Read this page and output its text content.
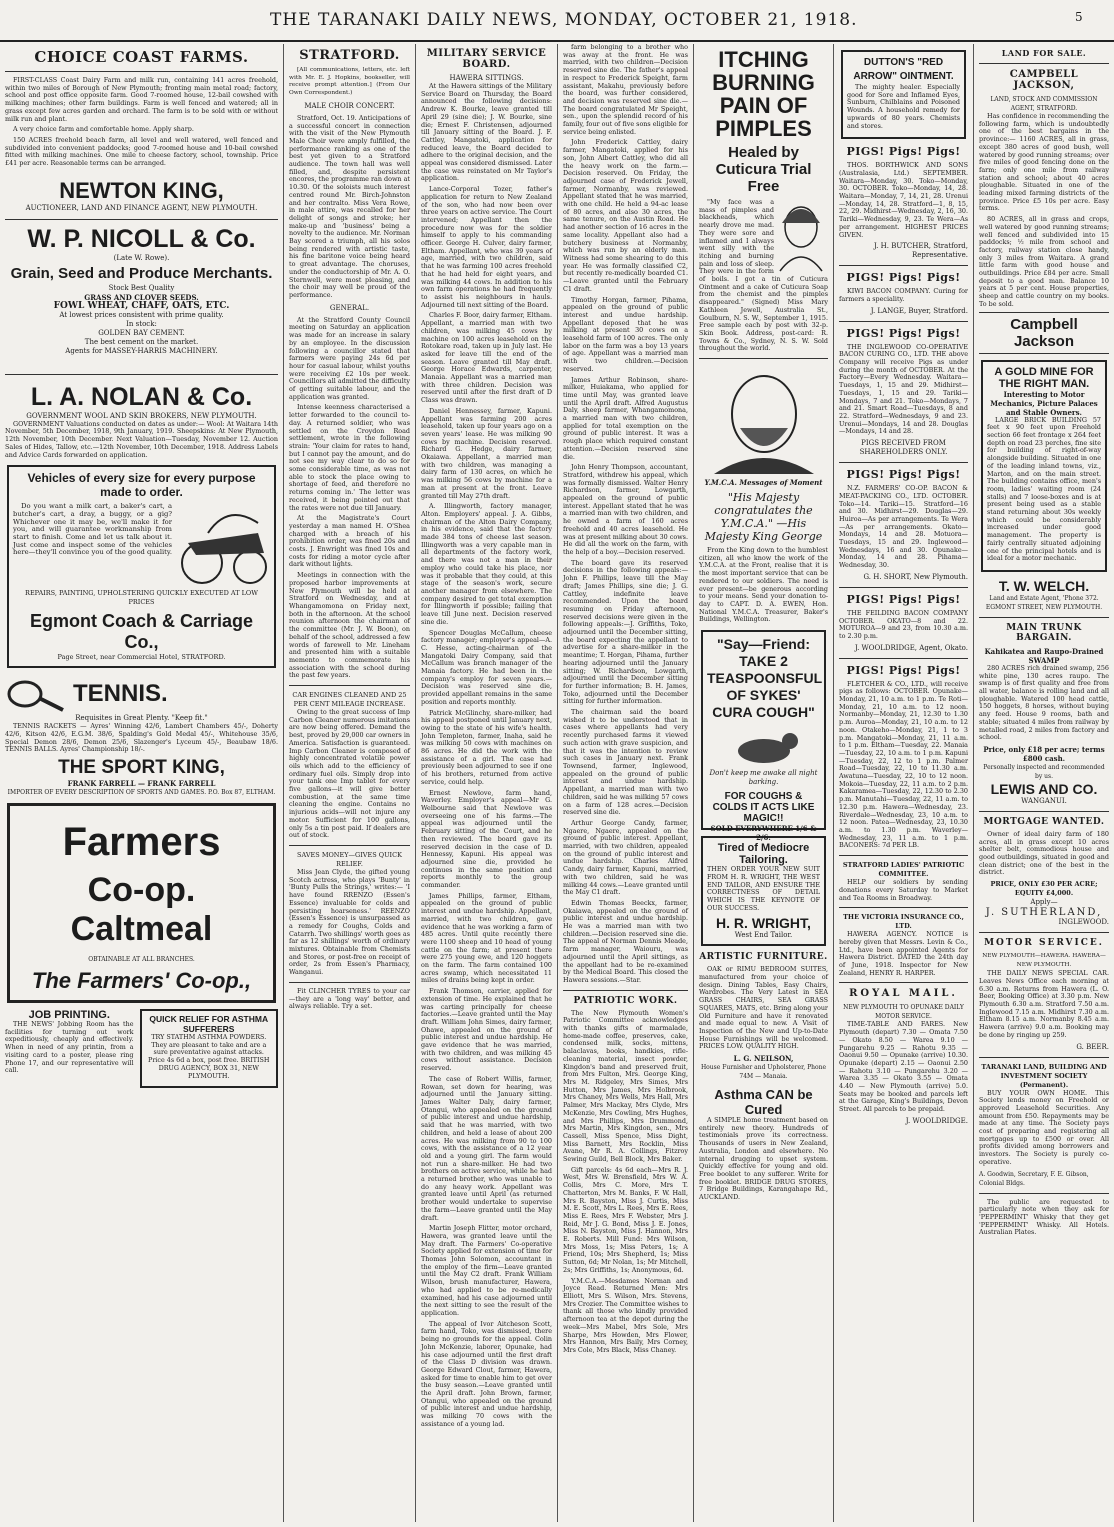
THE TARANAKI DAILY NEWS, MONDAY, OCTOBER 21, 1918.	5
CHOICE COAST FARMS.

FIRST-CLASS Coast Dairy Farm and milk run, containing 141 acres freehold, within two miles of Borough of New Plymouth; fronting main metal road; factory, school and post office opposite farm. Good 7-roomed house, 12-bail cowshed with milking machines; other farm buildings. Farm is well fenced and watered; all in grass except few acres garden and orchard. The farm is to be sold with or without milk run and plant.

A very choice farm and comfortable home. Apply sharp.

150 ACRES freehold beach farm, all level and well watered, well fenced and subdivided into convenient paddocks; good 7-roomed house and 10-bail cowshed fitted with milking machines. One mile to cheese factory, school, township. Price £41 per acre. Reasonable terms can be arranged.

NEWTON KING,
AUCTIONEER, LAND AND FINANCE AGENT, NEW PLYMOUTH.
W. P. NICOLL & Co.
(Late W. Rowe).
Grain, Seed and Produce Merchants.
Stock Best Quality
GRASS AND CLOVER SEEDS.
FOWL WHEAT, CHAFF, OATS, ETC.
At lowest prices consistent with prime quality.
In stock:
GOLDEN BAY CEMENT.
The best cement on the market.
Agents for MASSEY-HARRIS MACHINERY.
L. A. NOLAN & Co.
GOVERNMENT WOOL AND SKIN BROKERS, NEW PLYMOUTH.

GOVERNMENT Valuations conducted on dates as under:— Wool: At Waitara 14th November, 5th December, 1918, 9th January, 1919. Sheepskins: At New Plymouth, 12th November, 10th December. Next Valuation—Tuesday, November 12. Auction Sales of Hides, Tallow, etc.—12th November, 10th December, 1918. Address Labels and Advice Cards forwarded on application.

Vehicles of every size for every purpose made to order.

Do you want a milk cart, a baker's cart, a butcher's cart, a dray, a buggy, or a gig? Whichever one it may be, we'll make it for you, and will guarantee workmanship from start to finish. Come and let us talk about it. Just come and inspect some of the vehicles here—they'll convince you of the good quality.

REPAIRS, PAINTING, UPHOLSTERING QUICKLY EXECUTED AT LOW PRICES
Egmont Coach & Carriage Co.,
Page Street, near Commercial Hotel, STRATFORD.
TENNIS.
Requisites in Great Plenty. "Keep fit."

TENNIS RACKETS — Ayres' Winning 42/6, Lambert Chambers 45/-, Doherty 42/6, Kitson 42/6, E.G.M. 38/6, Spalding's Gold Medal 45/-, Whitehouse 35/6, Special Demon 28/6, Demon 25/6, Slazenger's Lyceum 45/-, Beaubaw 18/6. TENNIS BALLS. Ayres' Championship 18/-.

THE SPORT KING,
FRANK FARRELL — FRANK FARRELL
IMPORTER OF EVERY DESCRIPTION OF SPORTS AND GAMES. P.O. Box 87, ELTHAM.
Farmers
Co-op. Caltmeal
OBTAINABLE AT ALL BRANCHES.
The Farmers' Co-op.,
JOB PRINTING.

THE NEWS' Jobbing Room has the facilities for turning out work expeditiously, cheaply and effectively. When in need of any printin, from a visiting card to a poster, please ring Phone 17, and our representative will call.

QUICK RELIEF FOR ASTHMA SUFFERERS

TRY STATHM ASTHMA POWDERS. They are pleasant to take and are a sure preventative against attacks. Price 4s 6d a box, post free. BRITISH DRUG AGENCY, BOX 31, NEW PLYMOUTH.

STRATFORD.

[All communications, letters, etc. left with Mr. E. J. Hopkins, bookseller, will receive prompt attention.] (From Our Own Correspondent.)

MALE CHOIR CONCERT.

Stratford, Oct. 19. Anticipations of a successful concert in connection with the visit of the New Plymouth Male Choir were amply fulfilled, the performance ranking as one of the best yet given to a Stratford audience. The town hall was well filled, and, despite persistent encores, the programme ran down at 10.30. Of the soloists much interest centred round Mr. Birch-Johnston and her contralto. Miss Vera Rowe, in male attire, was recalled for her delight of songs and stroke; her make-up and 'business' being a novelty to the audience. Mr. Norman Bay scored a triumph, all his solos being rendered with artistic taste, his fine baritone voice being heard to great advantage. The choruses, under the conductorship of Mr. A. O. Sternwell, were most pleasing, and the choir may well be proud of the performance.

GENERAL.

At the Stratford County Council meeting on Saturday an application was made for an increase in salary by an employee. In the discussion following a councillor stated that farmers were paying 24s 6d per hour for casual labour, whilst youths were receiving £2 10s per week. Councillors all admitted the difficulty of getting suitable labour, and the application was granted.

Intense keenness characterised a letter forwarded to the council to-day. A returned soldier, who was settled on the Croydon Road settlement, wrote in the following strain: 'Your claim for rates to hand, but I cannot pay the amount, and do not see my way clear to do so for some considerable time, as was not able to stock the place owing to shortage of feed, and therefore no returns coming in.' The letter was received, it being pointed out that the rates were not due till January.

At the Magistrate's Court yesterday a man named H. O'Shea charged with a breach of his prohibition order, was fined 20s and costs. J. Enwright was fined 10s and costs for riding a motor cycle after dark without lights.

Meetings in connection with the proposed harbor improvements at New Plymouth will be held at Stratford on Wednesday, and at Whangamomona on Friday next, both in the afternoon. At the school reunion afternoon the chairman of the committee (Mr. J. W. Boon), on behalf of the school, addressed a few words of farewell to Mr. Lineham and presented him with a suitable memento to commemorate his association with the school during the past few years.

CAR ENGINES CLEANED AND 25 PER CENT MILEAGE INCREASE.

Owing to the great success of Imp Carbon Cleaner numerous imitations are now being offered. Demand the best, proved by 29,000 car owners in America. Satisfaction is guaranteed. Imp Carbon Cleaner is composed of highly concentrated volatile power oils which add to the efficiency of ordinary fuel oils. Simply drop into your tank one Imp tablet for every five gallons—it will give better combustion, at the same time cleaning the engine. Contains no injurious acids—will not injure any motor. Sufficient for 100 gallons, only 5s a tin post paid. If dealers are out of stock.

SAVES MONEY—GIVES QUICK RELIEF.

Miss Jean Clyde, the gifted young Scotch actress, who plays 'Bunty' in 'Bunty Pulls the Strings,' writes:— 'I have found RRENZO (Essen's Essence) invaluable for colds and persisting hoarseness.' REENZO (Essen's Essence) is unsurpassed as a remedy for Coughs, Colds and Catarrh. Two shillings' worth goes as far as 12 shillings' worth of ordinary mixtures. Obtainable from Chemists and Stores, or post-free on receipt of order, 2s from Essen's Pharmacy, Wanganui.

Fit CLINCHER TYRES to your car—they are a 'long way' better, and always reliable. Try a set.

MILITARY SERVICE BOARD.
HAWERA SITTINGS.

At the Hawera sittings of the Military Service Board on Thursday, the Board announced the following decisions: Andrew K. Bourke, leave granted till April 29 (sine die); J. W. Bourke, sine die; Ernest F. Christensen, adjourned till January sitting of the Board. J. F. Cattley, Mangatoki, application for reduced leave, the Board decided to adhere to the original decision, and the appeal was considered dismissed. Later the case was reinstated on Mr Taylor's application.

Lance-Corporal Tozer, father's application for return to New Zealand of the son, who had now been over three years on active service. The Court intervened; Appellant then the procedure now was for the soldier himself to apply to his commanding officer. George H. Culver, dairy farmer, Eltham. Appellant, who was 39 years of age, married, with two children, said that he was farming 100 acres freehold that he had held for eight years, and was milking 44 cows. In addition to his own farm operations he had frequently to assist his neighbours in hauls. Adjourned till next sitting of the Board.

Charles F. Boor, dairy farmer, Eltham. Appellant, a married man with two children, was milking 45 cows by machine on 100 acres leasehold on the Rotokare road, taken up in July last. He asked for leave till the end of the season. Leave granted till May draft. George Horace Edwards, carpenter, Manaia. Appellant was a married man with three children. Decision was reserved until after the first draft of D Class was drawn.

Daniel Hennessey, farmer, Kapuni. Appellant was farming 200 acres leasehold, taken up four years ago on a seven years' lease. He was milking 90 cows by machine. Decision reserved. Richard G. Hedge, dairy farmer, Okaiawa. Appellant, a married man with two children, was managing a dairy farm of 130 acres, on which he was milking 56 cows by machine for a man at present at the front. Leave granted till May 27th draft.

A. Illingworth, factory manager, Alton. Employers' appeal. J. A. Gibbs, chairman of the Alton Dairy Company, in his evidence, said that the factory made 384 tons of cheese last season. Illingworth was a very capable man in all departments of the factory work, and there was not a man in their employ who could take his place, nor was it probable that they could, at this stage of the season's work, secure another manager from elsewhere. The company desired to get total exemption for Illingworth if possible; failing that leave till June next. Decision reserved sine die.

Spencer Douglas McCallum, cheese factory manager; employer's appeal—A. C. Hesse, acting-chairman of the Mangatoki Dairy Company, said that McCallum was branch manager of the Manaia factory. He had been in the company's employ for seven years.—Decision was reserved sine die, provided appellant remains in the same position and reports monthly.

Patrick McGlinchy, share-milker, had his appeal postponed until January next, owing to the state of his wife's health. John Templeton, farmer, Inaha, said he was milking 50 cows with machines on 86 acres. He did the work with the assistance of a girl. The case had previously been adjourned to see if one of his brothers, returned from active service, could help.

Ernest Newlove, farm hand, Waverley. Employer's appeal—Mr G. Welbourne said that Newlove was overseeing one of his farms.—The appeal was adjourned until the February sitting of the Court, and he then reviewed. The board gave its reserved decision in the case of D. Hennessy, Kapuni. His appeal was adjourned sine die, provided he continues in the same position and reports monthly to the group commander.

James Phillips, farmer, Eltham, appealed on the ground of public interest and undue hardship. Appellant, married, with two children, gave evidence that he was working a farm of 485 acres. Until quite recently there were 1100 sheep and 10 head of young cattle on the farm; at present there were 275 young ewe, and 120 hoggets on the farm. The farm contained 100 acres swamp, which necessitated 11 miles of drains being kept in order.

Frank Thomson, carrier, applied for extension of time. He explained that he was carting principally for cheese factories.—Leave granted until the May draft. William John Simes, dairy farmer, Ohawe, appealed on the ground of public interest and undue hardship. He gave evidence that he was married, with two children, and was milking 45 cows without assistance. Decision reserved.

The case of Robert Willis, farmer, Rowan, set down for hearing, was adjourned until the January sitting. James Walter Daly, dairy farmer, Otangui, who appealed on the ground of public interest and undue hardship, said that he was married, with two children, and held a lease of about 200 acres. He was milking from 90 to 100 cows, with the assistance of a 12 year old and a young girl. The farm would not run a share-milker. He had two brothers on active service, while he had a returned brother, who was unable to do any heavy work. Appellant was granted leave until April (as returned brother would undertake to supervise the farm—Leave granted until the May draft.

Martin Joseph Flitter, motor orchard, Hawera, was granted leave until the May draft. The Farmers' Co-operative Society applied for extension of time for Thomas John Solomon, accountant in the employ of the firm—Leave granted until the May C2 draft. Frank William Wilson, brush manufacturer, Hawera, who had applied to be re-medically examined, had his case adjourned until the next sitting to see the result of the application.

The appeal of Ivor Aitcheson Scott, farm hand, Toko, was dismissed, there being no grounds for the appeal. Colin John McKenzie, laborer, Opunake, had his case adjourned until the first draft of the Class D division was drawn. George Edward Clout, farmer, Hawera, asked for time to enable him to get over the busy season.—Leave granted until the April draft. John Brown, farmer, Otangui, who appealed on the ground of public interest and undue hardship, was milking 70 cows with the assistance of a young lad.

farm belonging to a brother who was away at the front. He was married, with two children—Decision reserved sine die. The father's appeal in respect to Frederick Speight, farm assistant, Makahu, previously before the board, was further considered, and decision was reserved sine die.—The board congratulated Mr Speight, sen., upon the splendid record of his family, four out of five sons eligible for service being enlisted.

John Frederick Cattley, dairy farmer, Mangatoki, applied for his son, John Albert Cattley, who did all the heavy work on the farm.—Decision reserved. On Friday, the adjourned case of Frederick Jewell, farmer, Normanby, was reviewed. Appellant stated that he was married, with one child. He held a 94-ac lease of 80 acres, and also 30 acres, the same tenure, on the Austin Road. He had another section of 16 acres in the same locality. Appellant also had a butchery business at Normanby, which was run by an elderly man. Witness had some shearing to do this year. He was formally classified C2, but recently re-medically boarded C1.—Leave granted until the February C1 draft.

Timothy Horgan, farmer, Pihama, appealed on the ground of public interest and undue hardship. Appellant deposed that he was milking at present 30 cows on a leasehold farm of 100 acres. The only labor on the farm was a boy 13 years of age. Appellant was a married man with two children.—Decision reserved.

James Arthur Robinson, share-milker, Huiakama, who applied for time until May, was granted leave until the April draft. Alfred Augustus Daly, sheep farmer, Whangamomona, a married man with two children, applied for total exemption on the ground of public interest. It was a rough place which required constant attention.—Decision reserved sine die.

John Henry Thompson, accountant, Stratford, withdrew his appeal, which was formally dismissed. Walter Henry Richardson, farmer, Lowgarth, appealed on the ground of public interest. Appellant stated that he was a married man with two children, and he owned a farm of 160 acres freehold and 40 acres leasehold. He was at present milking about 30 cows. He did all the work on the farm, with the help of a boy.—Decision reserved.

The board gave its reserved decisions in the following appeals:—John F. Phillips, leave till the May draft; James Phillips, sine die; J. G. Cattley, indefinite leave recommended. Upon the board resuming on Friday afternoon, reserved decisions were given in the following appeals:—J. Griffiths, Toko, adjourned until the December sitting, the board expecting the appellant to advertise for a share-milker in the meantime; T. Horgan, Pihama, further hearing adjourned until the January sitting; W. Richardson, Lowgarth, adjourned until the December sitting for further information; B. H. James, Toko, adjourned until the December sitting for further information.

The chairman said the board wished it to be understood that in cases where appellants had very recently purchased farms it viewed such action with grave suspicion, and that it was the intention to review such cases in January next. Frank Townsend, farmer, Inglewood, appealed on the ground of public interest and undue hardship. Appellant, a married man with two children, said he was milking 57 cows on a farm of 128 acres.—Decision reserved sine die.

Arthur George Candy, farmer, Ngaere, Ngaere, appealed on the ground of public interest. Appellant, married, with two children, appealed on the ground of public interest and undue hardship. Charles Alfred Candy, dairy farmer, Kapuni, married, with two children, said he was milking 44 cows.—Leave granted until the May C1 draft.

Edwin Thomas Beeckx, farmer, Okaiawa, appealed on the ground of public interest and undue hardship. He was a married man with two children.—Decision reserved sine die. The appeal of Norman Dennis Meade, farm manager, Waiouru, was adjourned until the April sittings, as the appellant had to be re-examined by the Medical Board. This closed the Hawera sessions.—Star.

PATRIOTIC WORK.

The New Plymouth Women's Patriotic Committee acknowledges with thanks gifts of marmalade, home-made coffee, preserves, cake, condensed milk, socks, mittens, balaclavas, books, handkies, rifle-cleaning material, insect powder, Kingdon's band and preserved fruit, from Mrs Fulton, Mrs. George King, Mrs M. Ridgeley, Mrs Simes, Mrs Hutton, Mrs James, Mrs Holbrook, Mrs Chaney, Mrs Wells, Mrs Hall, Mrs Palmer, Mrs Mackay, Mrs Clyde, Mrs McKenzie, Mrs Cowling, Mrs Hughes, and Mrs Phillips, Mrs Drummond, Mrs Martin, Mrs Kingdon, sen., Mrs Cassell, Miss Spence, Miss Dight, Miss Barnett, Mrs Rocklin, Miss Avane, Mr R. A. Collings, Fitzroy Sewing Guild, Bell Block, Mrs Baker.

Gift parcels: 4s 6d each—Mrs R. J. West, Mrs W. Brensfield, Mrs W. A. Collis, Mrs C. More, Mrs T. Chatterton, Mrs M. Banks, F. W. Hall, Mrs R. Bayston, Miss J. Curtis, Miss M. E. Scott, Mrs L. Rees, Mrs E. Rees, Miss E. Rees, Mrs F. Webster, Mrs J. Reid, Mr J. G. Bond, Miss J. E. Jones, Miss N. Bayston, Miss J. Hannon, Mrs E. Roberts. Mill Fund: Mrs Wilson, Mrs Moss, 1s; Miss Peters, 1s; A Friend, 10s; Mrs Shepherd, 1s; Miss Sutton, 6d; Mr Nolan, 1s; Mr Mitchell, 2s; Mrs Griffiths, 1s; Anonymous, 6d.

Y.M.C.A.—Mesdames Norman and Joyce Read. Returned Men: Mrs Elliott, Mrs S. Wilson, Mrs. Stevens, Mrs Crozier. The Committee wishes to thank all those who kindly provided afternoon tea at the depot during the week—Mrs Mabel, Mrs Sole, Mrs Sharpe, Mrs Howden, Mrs Flower, Mrs Hannon, Mrs Baily, Mrs Corney, Mrs Cole, Mrs Black, Miss Chaney.

ITCHING BURNING PAIN OF PIMPLES
Healed by Cuticura Trial Free

"My face was a mass of pimples and blackheads, which nearly drove me mad. They were sore and inflamed and I always went silly with the itching and burning pain and loss of sleep. They were in the form of boils. I got a tin of Cuticura Ointment and a cake of Cuticura Soap from the chemist and the pimples disappeared." (Signed) Miss Mary Kathleen Jewell, Australia St., Goulburn, N. S. W., September 1, 1915. Free sample each by post with 32-p. Skin Book. Address, post-card: R. Towns & Co., Sydney, N. S. W. Sold throughout the world.

Y.M.C.A. Messages of Moment
"His Majesty congratulates the Y.M.C.A." —His Majesty King George

From the King down to the humblest citizen, all who know the work of the Y.M.C.A. at the Front, realise that it is the most important service that can be rendered to our soldiers. The need is ever present—be generous according to your means. Send your donation to-day to CAPT. D. A. EWEN, Hon. National Y.M.C.A. Treasurer, Baker's Buildings, Wellington.

"Say—Friend: TAKE 2 TEASPOONSFUL OF SYKES' CURA COUGH"
Don't keep me awake all night barking.
FOR COUGHS & COLDS IT ACTS LIKE MAGIC!!
SOLD EVERYWHERE 1/6 & 2/6.
Tired of Mediocre Tailoring.

THEN ORDER YOUR NEW SUIT FROM H. R. WRIGHT, THE WEST END TAILOR, AND ENSURE THE CORRECTNESS OF DETAIL WHICH IS THE KEYNOTE OF OUR SUCCESS.

H. R. WRIGHT,
West End Tailor.
ARTISTIC FURNITURE.

OAK or RIMU BEDROOM SUITES, manufactured from your choice of design. Dining Tables, Easy Chairs, Wardrobes. The Very Latest in SEA GRASS CHAIRS, SEA GRASS SQUARES, MATS, etc. Bring along your Old Furniture and have it renovated and made equal to new. A Visit of Inspection of the New and Up-to-Date House Furnishings will be welcomed. PRICES LOW. QUALITY HIGH.

L. G. NEILSON,
House Furnisher and Upholsterer, Phone 74M — Manaia.
Asthma CAN be Cured

A SIMPLE home treatment based on entirely new theory. Hundreds of testimonials prove its correctness. Thousands of users in New Zealand, Australia, London and elsewhere. No internal drugging to upset system. Quickly effective for young and old. Free booklet to any sufferer. Write for free booklet. BRIDGE DRUG STORES, 7 Bridge Buildings, Karangahape Rd., AUCKLAND.

DUTTON'S "RED ARROW" OINTMENT.

The mighty healer. Especially good for Sore and Inflamed Eyes, Sunburn, Chilblains and Poisoned Wounds. A household remedy for upwards of 80 years. Chemists and stores.

PIGS! Pigs! Pigs!

THOS. BORTHWICK AND SONS (Australasia, Ltd.) SEPTEMBER. Waitara—Monday, 30. Toko—Monday, 30. OCTOBER. Toko—Monday, 14, 28. Waitara—Monday, 7, 14, 21, 28. Urenui—Monday, 14, 28. Stratford—1, 8, 15, 22, 29. Midhirst—Wednesday, 2, 16, 30. Tariki—Wednesday, 9, 23. Te Wera—As per arrangement. HIGHEST PRICES GIVEN.

J. H. BUTCHER, Stratford, Representative.
PIGS! Pigs! Pigs!

KIWI BACON COMPANY. Curing for farmers a speciality.

J. LANGE, Buyer, Stratford.
PIGS! Pigs! Pigs!

THE INGLEWOOD CO-OPERATIVE BACON CURING CO., LTD. THE above Company will receive Pigs as under during the month of OCTOBER. At the Factory—Every Wednesday. Waitara—Tuesdays, 1, 15 and 29. Midhirst—Tuesdays, 1, 15 and 29. Tariki—Mondays, 7 and 21. Toko—Mondays, 7 and 21. Smart Road—Tuesdays, 8 and 22. Stratford—Wednesdays, 9 and 23. Urenui—Mondays, 14 and 28. Douglas—Mondays, 14 and 28.

PIGS RECEIVED FROM SHAREHOLDERS ONLY.
PIGS! Pigs! Pigs!

N.Z. FARMERS' CO-OP. BACON & MEAT-PACKING CO., LTD. OCTOBER. Toko—14. Tariki—15. Stratford—16 and 30. Midhirst—29. Douglas—29. Huiroa—As per arrangements. Te Wera—As per arrangements. Okato—Mondays, 14 and 28. Motuora—Tuesdays, 15 and 29. Inglewood—Wednesdays, 16 and 30. Opunake—Monday, 14 and 28. Pihama—Wednesday, 30.

G. H. SHORT, New Plymouth.
PIGS! Pigs! Pigs!

THE FEILDING BACON COMPANY OCTOBER. OKATO—8 and 22. MOTUROA—9 and 23, from 10.30 a.m. to 2.30 p.m.

J. WOOLDRIDGE, Agent, Okato.
PIGS! Pigs! Pigs!

FLETCHER & CO., LTD., will receive pigs as follows: OCTOBER. Opunake—Monday, 21, 10 a.m. to 1 p.m. Te Roti—Monday, 21, 10 a.m. to 12 noon. Normanby—Monday, 21, 12.30 to 1.30 p.m. Auroa—Monday, 21, 10 a.m. to 12 noon. Otakeho—Monday, 21, 1 to 3 p.m. Mangatoki—Monday, 21, 11 a.m. to 1 p.m. Eltham—Tuesday, 22. Manaia—Tuesday, 22, 10 a.m. to 1 p.m. Kapuni—Tuesday, 22, 12 to 1 p.m. Palmer Road—Tuesday, 22, 10 to 11.30 a.m. Awatuna—Tuesday, 22, 10 to 12 noon. Mokoia—Tuesday, 22, 11 a.m. to 2 p.m. Kakaramea—Tuesday, 22, 12.30 to 2.30 p.m. Manutahi—Tuesday, 22, 11 a.m. to 12.30 p.m. Hawera—Wednesday, 23. Riverdale—Wednesday, 23, 10 a.m. to 12 noon. Patea—Wednesday, 23, 10.30 a.m. to 1.30 p.m. Waverley—Wednesday, 23, 11 a.m. to 1 p.m. BACONERS: 7d PER LB.

STRATFORD LADIES' PATRIOTIC COMMITTEE.

HELP our soldiers by sending donations every Saturday to Market and Tea Rooms in Broadway.

THE VICTORIA INSURANCE CO., LTD.

HAWERA AGENCY. NOTICE is hereby given that Messrs. Levin & Co., Ltd., have been appointed Agents for Hawera District. DATED the 24th day of June, 1918. Inspector for New Zealand, HENRY R. HARPER.

ROYAL MAIL.
NEW PLYMOUTH TO OPUNAKE DAILY MOTOR SERVICE.

TIME-TABLE AND FARES. New Plymouth (depart) 7.30 — Omata 7.50 — Okato 8.50 — Warea 9.10 — Pungarehu 9.25 — Rahotu 9.35 — Oaonui 9.50 — Opunake (arrive) 10.30. Opunake (depart) 2.15 — Oaonui 2.50 — Rahotu 3.10 — Pungarehu 3.20 — Warea 3.35 — Okato 3.55 — Omata 4.40 — New Plymouth (arrive) 5.0. Seats may be booked and parcels left at the Garage, King's Buildings, Devon Street. All parcels to be prepaid.

J. WOOLDRIDGE.
LAND FOR SALE.
CAMPBELL JACKSON,
LAND, STOCK AND COMMISSION AGENT, STRATFORD.

Has confidence in recommending the following farm, which is undoubtedly one of the best bargains in the province:— 1160 ACRES, all in grass, except 380 acres of good bush, well watered by good running streams; over five miles of good fencing done on the farm; only one mile from railway station and school; about 40 acres ploughable. Situated in one of the leading mixed farming districts of the province. Price £5 10s per acre. Easy terms.

80 ACRES, all in grass and crops, well watered by good running streams; well fenced and subdivided into 15 paddocks; ½ mile from school and factory, railway station close handy, only 3 miles from Waitara. A grand little farm with good house and outbuildings. Price £84 per acre. Small deposit to a good man. Balance 10 years at 5 per cent. House properties, sheep and cattle country on my books. To be sold.

Campbell Jackson
A GOLD MINE FOR THE RIGHT MAN.
Interesting to Motor Mechanics, Picture Palaces and Stable Owners.

LARGE BRICK BUILDING 57 feet x 90 feet upon Freehold section 66 feet frontage x 264 feet depth on road 23 perches, fine site for building of right-of-way alongside building. Situated in one of the leading inland towns, viz., Marton, and on the main street. The building contains office, men's room, ladies' waiting room (24 stalls) and 7 loose-boxes and is at present being used as a stable stand returning about 30s weekly which could be considerably increased under good management. The property is fairly centrally situated adjoining one of the principal hotels and is ideal for a motor mechanic.

T. W. WELCH.
Land and Estate Agent, 'Phone 372. EGMONT STREET, NEW PLYMOUTH.
MAIN TRUNK BARGAIN.
Kahikatea and Raupo-Drained SWAMP

280 ACRES rich drained swamp, 256 white pine, 130 acres raupo. The swamp is of first quality and free from all water, balance is rolling land and all ploughable. Watered 100 head cattle, 150 hoggets, 8 horses, without buying any feed. House 9 rooms, bath and stable; situated 4 miles from railway by metalled road, 2 miles from factory and school.

Price, only £18 per acre; terms £800 cash.
Personally inspected and recommended by us.
LEWIS AND CO.
WANGANUI.
MORTGAGE WANTED.

Owner of ideal dairy farm of 180 acres, all in grass except 10 acres shelter belt, commodious house and good outbuildings, situated in good and clean district; one of the best in the district.

PRICE, ONLY £30 PER ACRE; EQUITY £4,000.
Apply—
J. SUTHERLAND,
INGLEWOOD.
MOTOR SERVICE.
NEW PLYMOUTH—HAWERA. HAWERA—NEW PLYMOUTH.

THE DAILY NEWS SPECIAL CAR. Leaves News Office each morning at 6.30 a.m. Returns from Hawera (L. O. Beer, Booking Office) at 3.30 p.m. New Plymouth 6.30 a.m. Stratford 7.50 a.m. Inglewood 7.15 a.m. Midhirst 7.30 a.m. Eltham 8.15 a.m. Normanby 8.45 a.m. Hawera (arrive) 9.0 a.m. Booking may be done by ringing up 259.

G. BEER.
TARANAKI LAND, BUILDING AND INVESTMENT SOCIETY (Permanent).

BUY YOUR OWN HOME. This Society lends money on Freehold or approved Leasehold Securities. Any amount from £50. Repayments may be made at any time. The Society pays cost of preparing and registering all mortgages up to £500 or over. All profits divided among borrowers and investors. The Society is purely co-operative.

A. Goodwin, Secretary, F. E. Gibson, Colonial Bldgs.

The public are requested to particularly note when they ask for 'PEPPERMINT' Whisky that they get 'PEPPERMINT' Whisky. All Hotels. Australian Plates.
